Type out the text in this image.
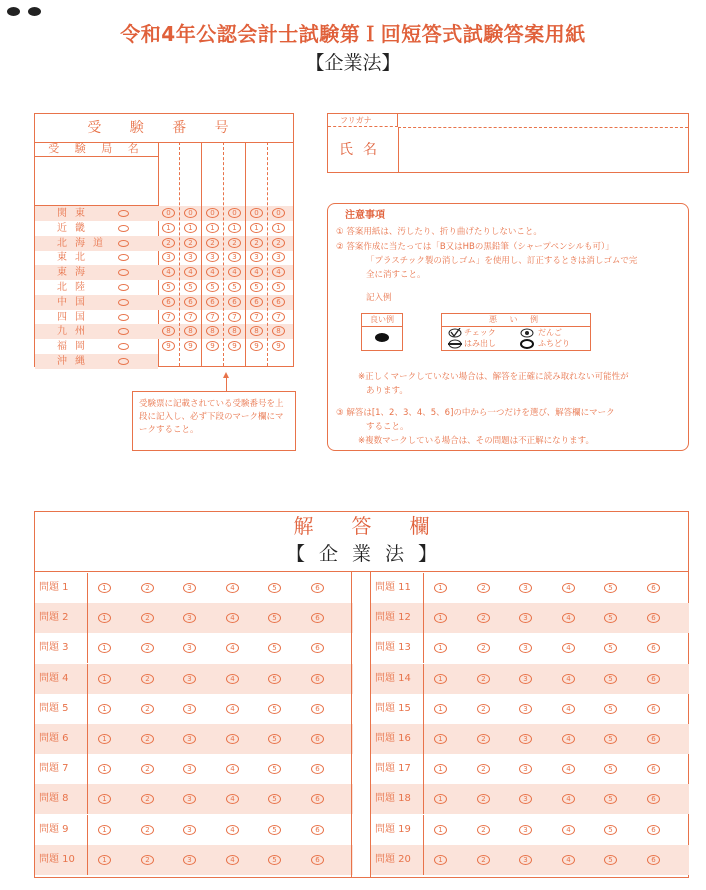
令和4年公認会計士試験第Ｉ回短答式試験答案用紙
【企業法】
受 験 番 号
受 験 局 名
関東
近畿
北海道
東北
東海
北陸
中国
四国
九州
福岡
沖縄
0	0	0	0	0	0
1	1	1	1	1	1
2	2	2	2	2	2
3	3	3	3	3	3
4	4	4	4	4	4
5	5	5	5	5	5
6	6	6	6	6	6
7	7	7	7	7	7
8	8	8	8	8	8
9	9	9	9	9	9
受験票に記載されている受験番号を上段に記入し、必ず下段のマーク欄にマークすること。
フリガナ
氏名
注意事項
① 答案用紙は、汚したり、折り曲げたりしないこと。
② 答案作成に当たっては「B又はHBの黒鉛筆（シャープペンシルも可）」
「プラスチック製の消しゴム」を使用し、訂正するときは消しゴムで完
全に消すこと。
記入例
良い例	悪 い 例
チェック	だんご
はみ出し	ふちどり
※正しくマークしていない場合は、解答を正確に読み取れない可能性が
あります。
③ 解答は[1、2、3、4、5、6]の中から一つだけを選び、解答欄にマーク
すること。
※複数マークしている場合は、その問題は不正解になります。
解答欄
【企業法】
問題 1	1	2	3	4	5	6
問題 2	1	2	3	4	5	6
問題 3	1	2	3	4	5	6
問題 4	1	2	3	4	5	6
問題 5	1	2	3	4	5	6
問題 6	1	2	3	4	5	6
問題 7	1	2	3	4	5	6
問題 8	1	2	3	4	5	6
問題 9	1	2	3	4	5	6
問題 10	1	2	3	4	5	6
問題 11	1	2	3	4	5	6
問題 12	1	2	3	4	5	6
問題 13	1	2	3	4	5	6
問題 14	1	2	3	4	5	6
問題 15	1	2	3	4	5	6
問題 16	1	2	3	4	5	6
問題 17	1	2	3	4	5	6
問題 18	1	2	3	4	5	6
問題 19	1	2	3	4	5	6
問題 20	1	2	3	4	5	6
